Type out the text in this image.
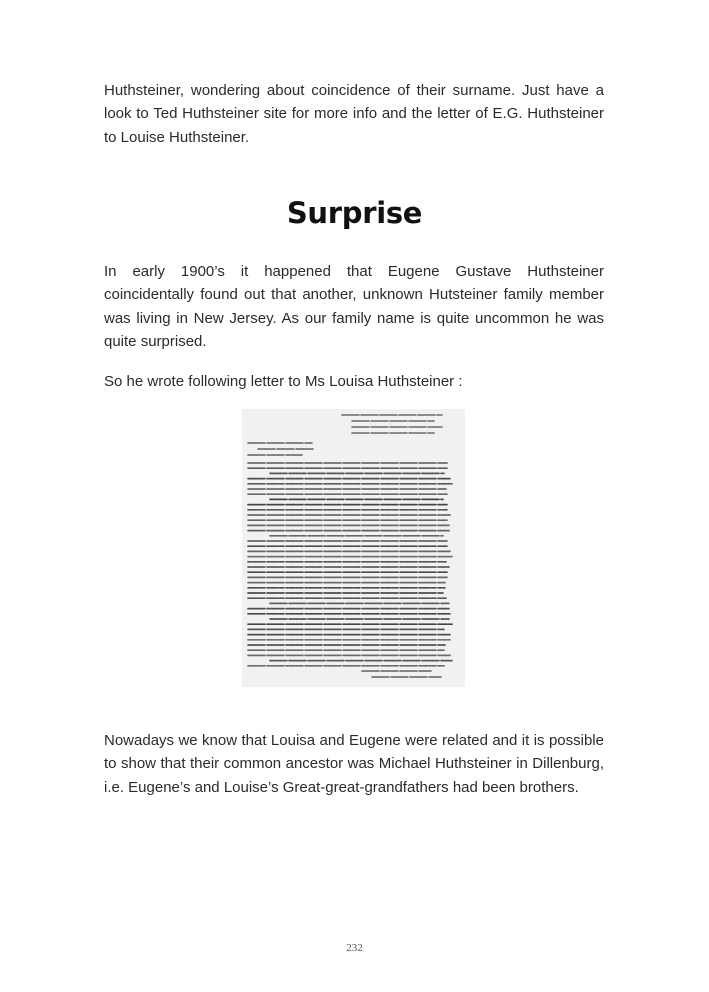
Huthsteiner, wondering about coincidence of their surname. Just have a look to Ted Huthsteiner site for more info and the letter of E.G. Huthsteiner to Louise Huthsteiner.

Surprise

In early 1900’s it happened that Eugene Gustave Huthsteiner coincidentally found out that another, unknown Hutsteiner family member was living in New Jersey. As our family name is quite uncommon he was quite surprised.

So he wrote following letter to Ms Louisa Huthsteiner :

Nowadays we know that Louisa and Eugene were related and it is possible to show that their common ancestor was Michael Huthsteiner in Dillenburg, i.e. Eugene’s and Louise’s Great-great-grandfathers had been brothers.

232
